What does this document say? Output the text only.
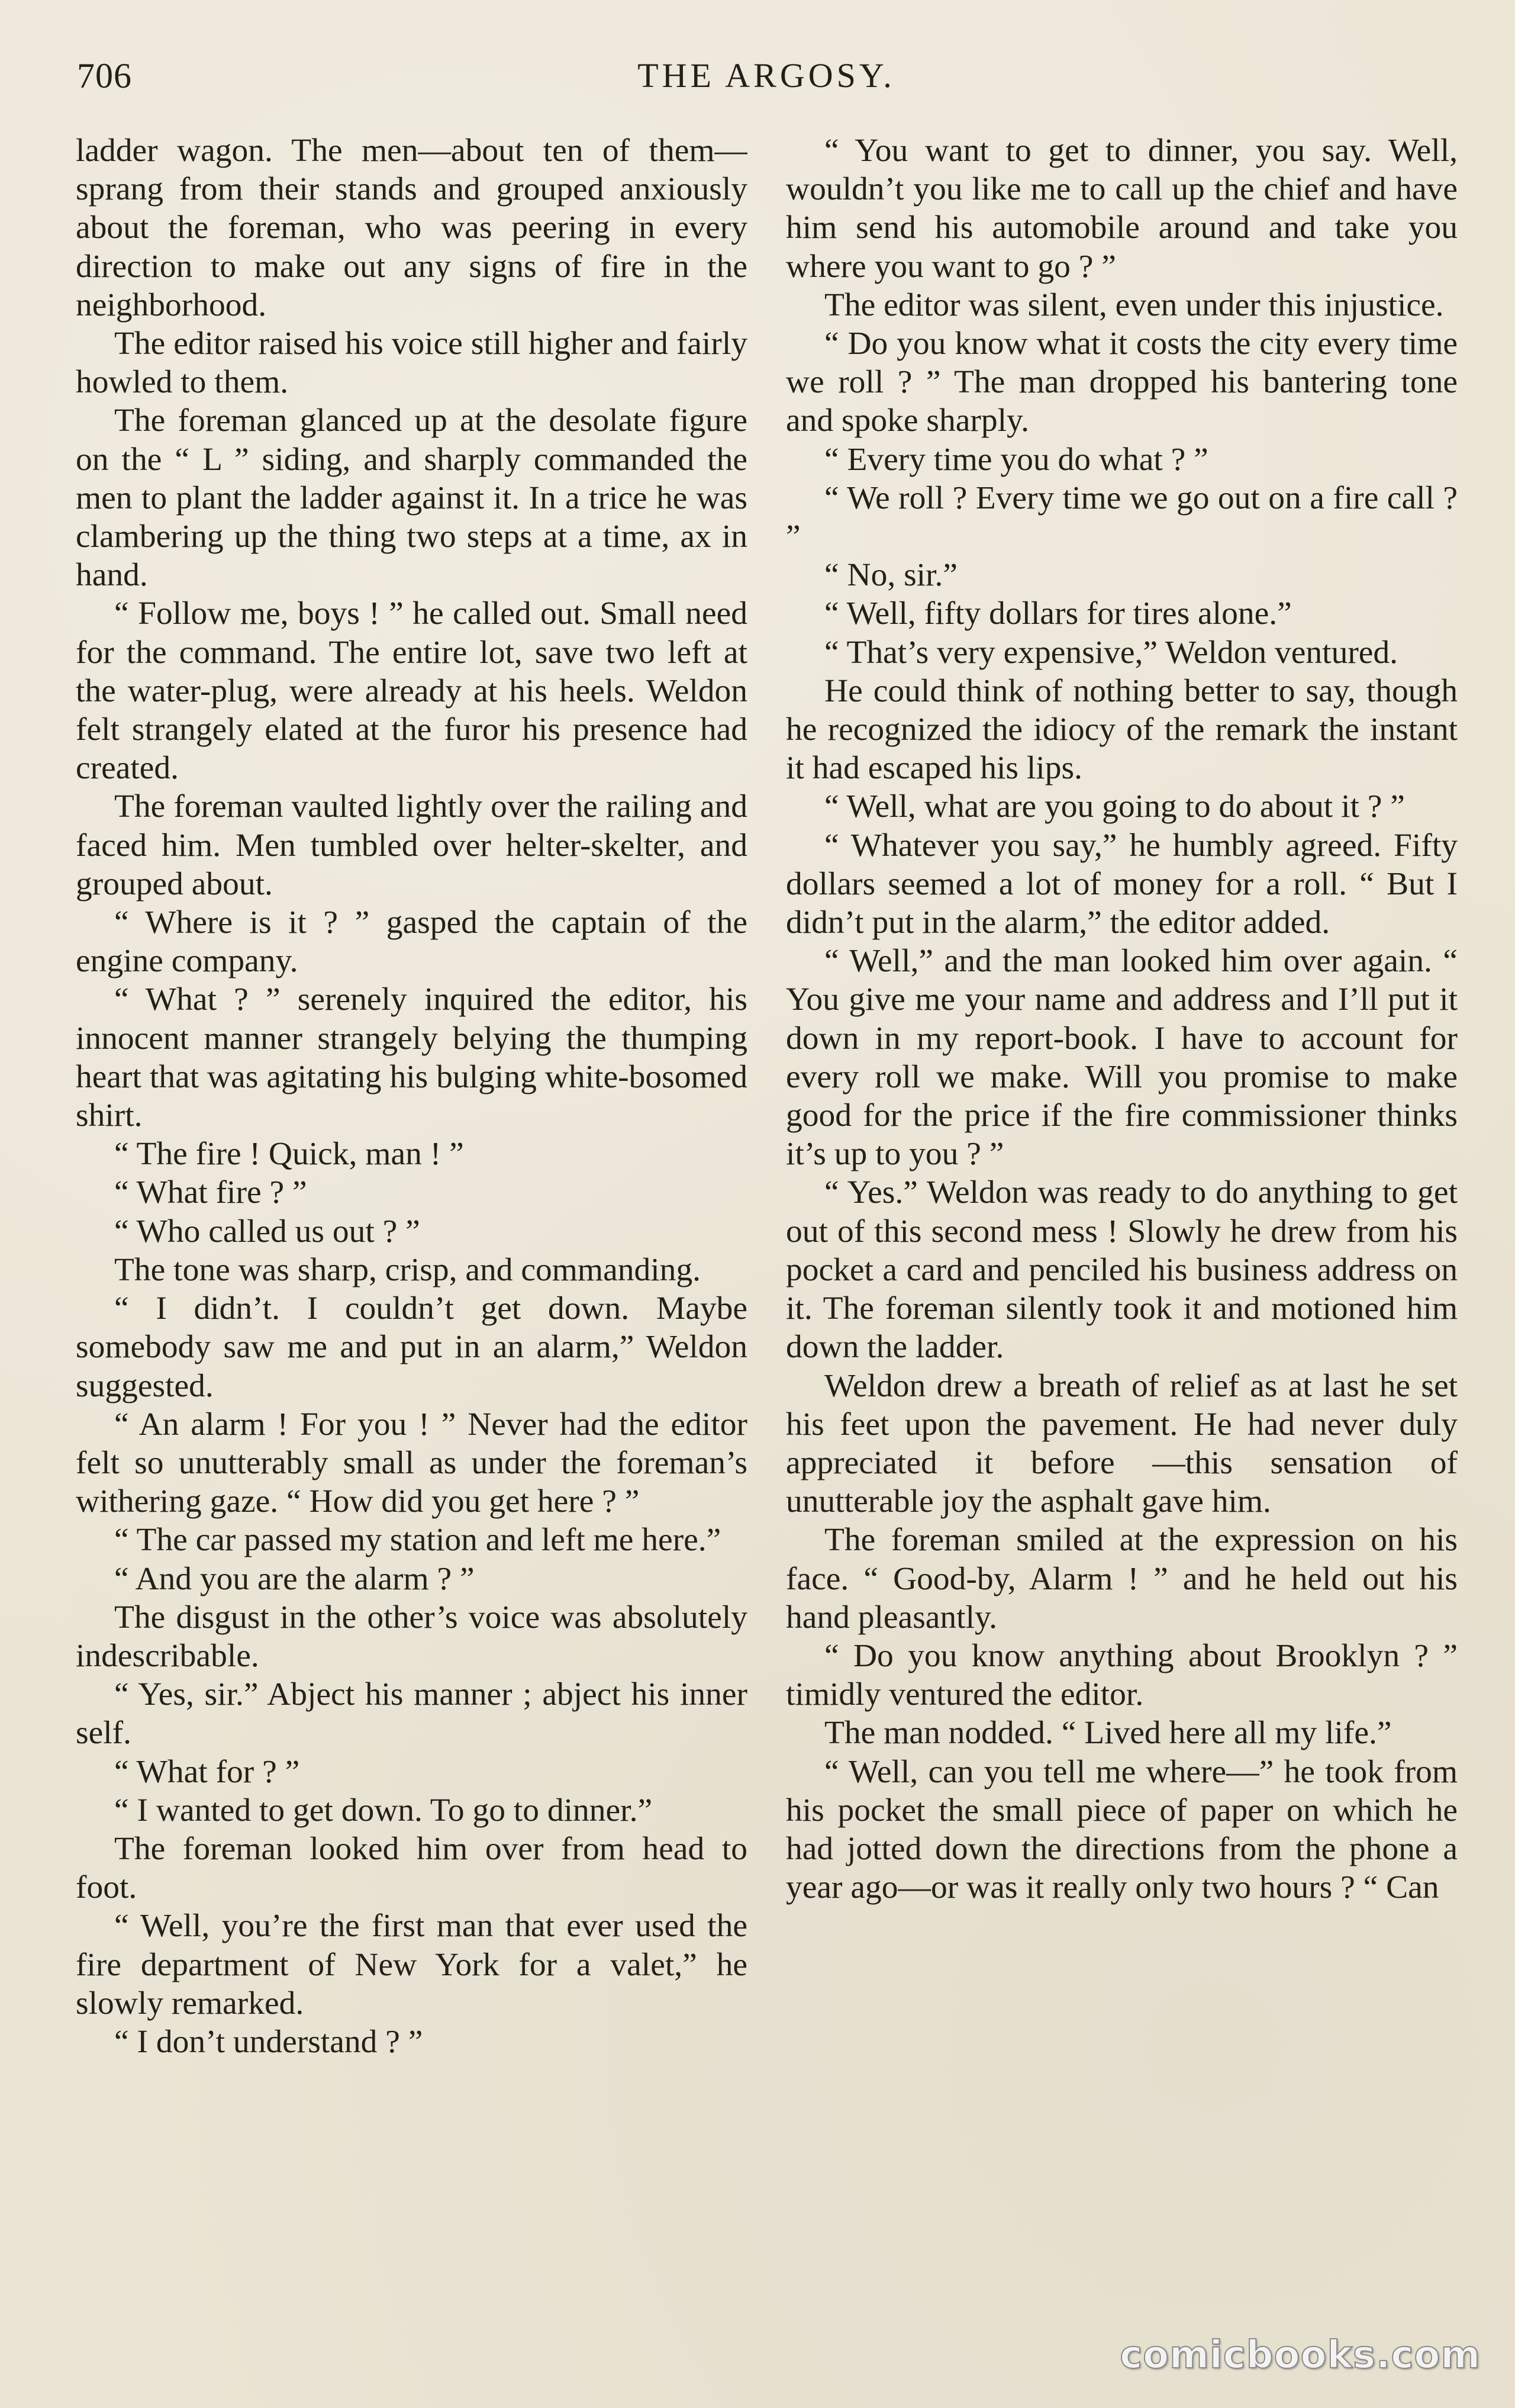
706	THE ARGOSY.

ladder wagon. The men—about ten of them—sprang from their stands and grouped anxiously about the foreman, who was peering in every direction to make out any signs of fire in the neighborhood.

The editor raised his voice still higher and fairly howled to them.

The foreman glanced up at the desolate figure on the “ L ” siding, and sharply commanded the men to plant the ladder against it. In a trice he was clambering up the thing two steps at a time, ax in hand.

“ Follow me, boys ! ” he called out. Small need for the command. The entire lot, save two left at the water-plug, were already at his heels. Weldon felt strangely elated at the furor his presence had created.

The foreman vaulted lightly over the railing and faced him. Men tumbled over helter-skelter, and grouped about.

“ Where is it ? ” gasped the captain of the engine company.

“ What ? ” serenely inquired the editor, his innocent manner strangely belying the thumping heart that was agitating his bulging white-bosomed shirt.

“ The fire ! Quick, man ! ”

“ What fire ? ”

“ Who called us out ? ”

The tone was sharp, crisp, and commanding.

“ I didn’t. I couldn’t get down. Maybe somebody saw me and put in an alarm,” Weldon suggested.

“ An alarm ! For you ! ” Never had the editor felt so unutterably small as under the foreman’s withering gaze. “ How did you get here ? ”

“ The car passed my station and left me here.”

“ And you are the alarm ? ”

The disgust in the other’s voice was absolutely indescribable.

“ Yes, sir.” Abject his manner ; abject his inner self.

“ What for ? ”

“ I wanted to get down. To go to dinner.”

The foreman looked him over from head to foot.

“ Well, you’re the first man that ever used the fire department of New York for a valet,” he slowly remarked.

“ I don’t understand ? ”

“ You want to get to dinner, you say. Well, wouldn’t you like me to call up the chief and have him send his automobile around and take you where you want to go ? ”

The editor was silent, even under this injustice.

“ Do you know what it costs the city every time we roll ? ” The man dropped his bantering tone and spoke sharply.

“ Every time you do what ? ”

“ We roll ? Every time we go out on a fire call ? ”

“ No, sir.”

“ Well, fifty dollars for tires alone.”

“ That’s very expensive,” Weldon ventured.

He could think of nothing better to say, though he recognized the idiocy of the remark the instant it had escaped his lips.

“ Well, what are you going to do about it ? ”

“ Whatever you say,” he humbly agreed. Fifty dollars seemed a lot of money for a roll. “ But I didn’t put in the alarm,” the editor added.

“ Well,” and the man looked him over again. “ You give me your name and address and I’ll put it down in my report-book. I have to account for every roll we make. Will you promise to make good for the price if the fire commissioner thinks it’s up to you ? ”

“ Yes.” Weldon was ready to do anything to get out of this second mess ! Slowly he drew from his pocket a card and penciled his business address on it. The foreman silently took it and motioned him down the ladder.

Weldon drew a breath of relief as at last he set his feet upon the pavement. He had never duly appreciated it before —this sensation of unutterable joy the asphalt gave him.

The foreman smiled at the expression on his face. “ Good-by, Alarm ! ” and he held out his hand pleasantly.

“ Do you know anything about Brooklyn ? ” timidly ventured the editor.

The man nodded. “ Lived here all my life.”

“ Well, can you tell me where—” he took from his pocket the small piece of paper on which he had jotted down the directions from the phone a year ago—or was it really only two hours ? “ Can

comicbooks.com
